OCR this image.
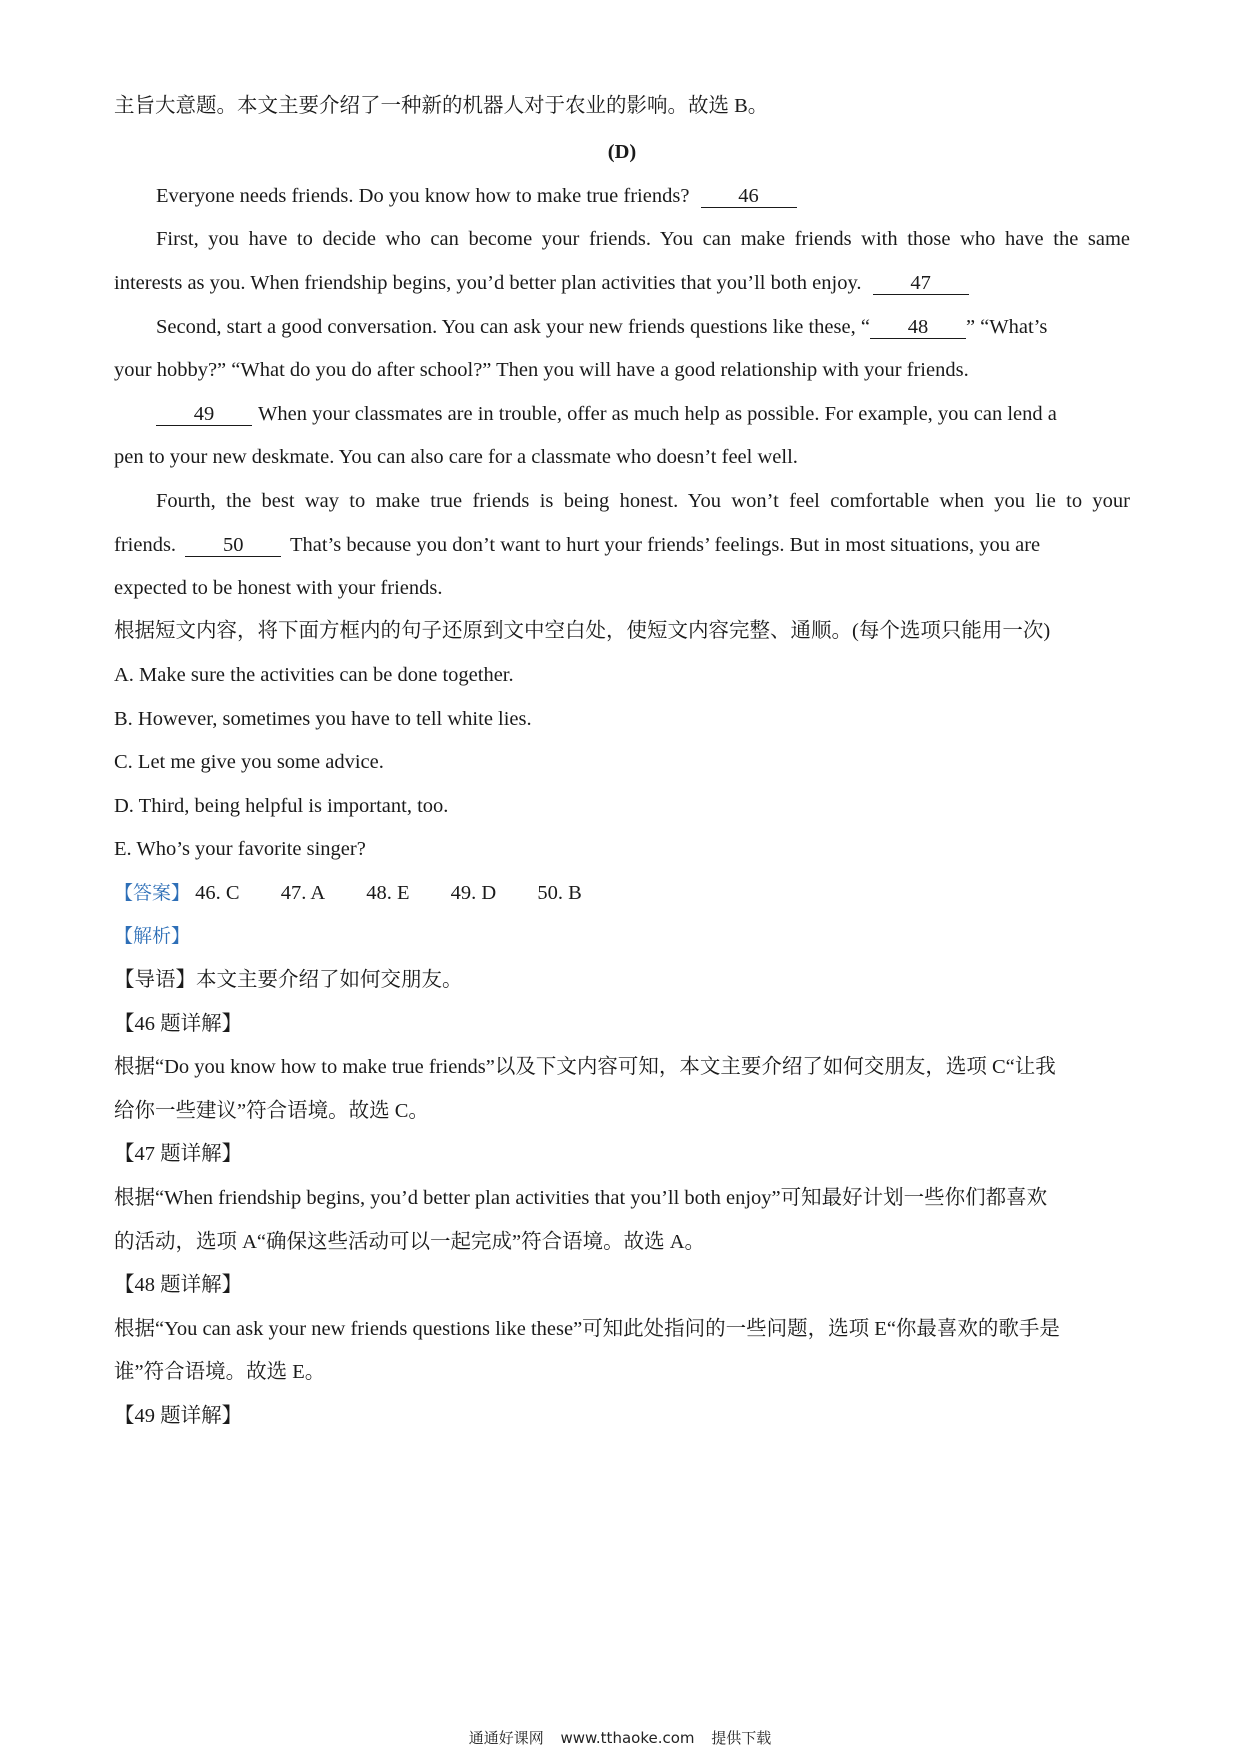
主旨大意题。本文主要介绍了一种新的机器人对于农业的影响。故选 B。
(D)
Everyone needs friends. Do you know how to make true friends? 46
First, you have to decide who can become your friends. You can make friends with those who have the same
interests as you. When friendship begins, you’d better plan activities that you’ll both enjoy. 47
Second, start a good conversation. You can ask your new friends questions like these, “ 48 ” “What’s
your hobby?” “What do you do after school?” Then you will have a good relationship with your friends.
49 When your classmates are in trouble, offer as much help as possible. For example, you can lend a
pen to your new deskmate. You can also care for a classmate who doesn’t feel well.
Fourth, the best way to make true friends is being honest. You won’t feel comfortable when you lie to your
friends. 50 That’s because you don’t want to hurt your friends’ feelings. But in most situations, you are
expected to be honest with your friends.
根据短文内容，将下面方框内的句子还原到文中空白处，使短文内容完整、通顺。(每个选项只能用一次)
A. Make sure the activities can be done together.
B. However, sometimes you have to tell white lies.
C. Let me give you some advice.
D. Third, being helpful is important, too.
E. Who’s your favorite singer?
【答案】 46. C 47. A 48. E 49. D 50. B
【解析】
【导语】本文主要介绍了如何交朋友。
【46 题详解】
根据“Do you know how to make true friends”以及下文内容可知，本文主要介绍了如何交朋友，选项 C“让我
给你一些建议”符合语境。故选 C。
【47 题详解】
根据“When friendship begins, you’d better plan activities that you’ll both enjoy”可知最好计划一些你们都喜欢
的活动，选项 A“确保这些活动可以一起完成”符合语境。故选 A。
【48 题详解】
根据“You can ask your new friends questions like these”可知此处指问的一些问题，选项 E“你最喜欢的歌手是
谁”符合语境。故选 E。
【49 题详解】
通通好课网 www.tthaoke.com 提供下载
